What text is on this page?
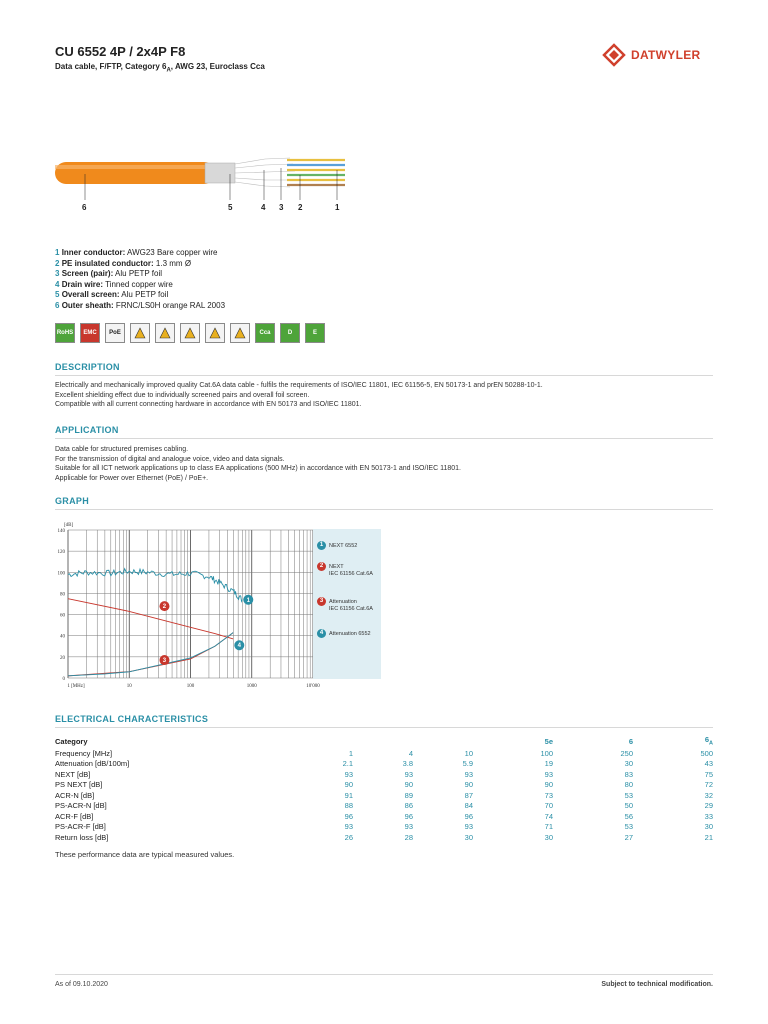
CU 6552 4P / 2x4P F8
Data cable, F/FTP, Category $6_A$, AWG 23, Euroclass Cca
DATWYLER
6	5	4 3 2	1
1 Inner conductor: AWG23 Bare copper wire
2 PE insulated conductor: 1.3 mm Ø
3 Screen (pair): Alu PETP foil
4 Drain wire: Tinned copper wire
5 Overall screen: Alu PETP foil
6 Outer sheath: FRNC/LS0H orange RAL 2003
RoHS	EMC	PoE	Cca	D	E
DESCRIPTION
Electrically and mechanically improved quality Cat.6A data cable - fulfils the requirements of ISO/IEC 11801, IEC 61156-5, EN 50173-1 and prEN 50288-10-1.
Excellent shielding effect due to individually screened pairs and overall foil screen.
Compatible with all current connecting hardware in accordance with EN 50173 and ISO/IEC 11801.
APPLICATION
Data cable for structured premises cabling.
For the transmission of digital and analogue voice, video and data signals.
Suitable for all ICT network applications up to class EA applications (500 MHz) in accordance with EN 50173-1 and ISO/IEC 11801.
Applicable for Power over Ethernet (PoE) / PoE+.
GRAPH
140
120
100
80
60
40
20
0
[dB]
1 [MHz]	10	100	1000	10'000
1
2
3
4
1 NEXT 6552
2 NEXT
IEC 61156 Cat.6A
3 Attenuation
IEC 61156 Cat.6A
4 Attenuation 6552
ELECTRICAL CHARACTERISTICS
Category				5e	6	$6_A$
Frequency [MHz]	1	4	10	100	250	500
Attenuation [dB/100m]	2.1	3.8	5.9	19	30	43
NEXT [dB]	93	93	93	93	83	75
PS NEXT [dB]	90	90	90	90	80	72
ACR-N [dB]	91	89	87	73	53	32
PS-ACR-N [dB]	88	86	84	70	50	29
ACR-F [dB]	96	96	96	74	56	33
PS-ACR-F [dB]	93	93	93	71	53	30
Return loss [dB]	26	28	30	30	27	21
These performance data are typical measured values.
As of 09.10.2020	Subject to technical modification.
